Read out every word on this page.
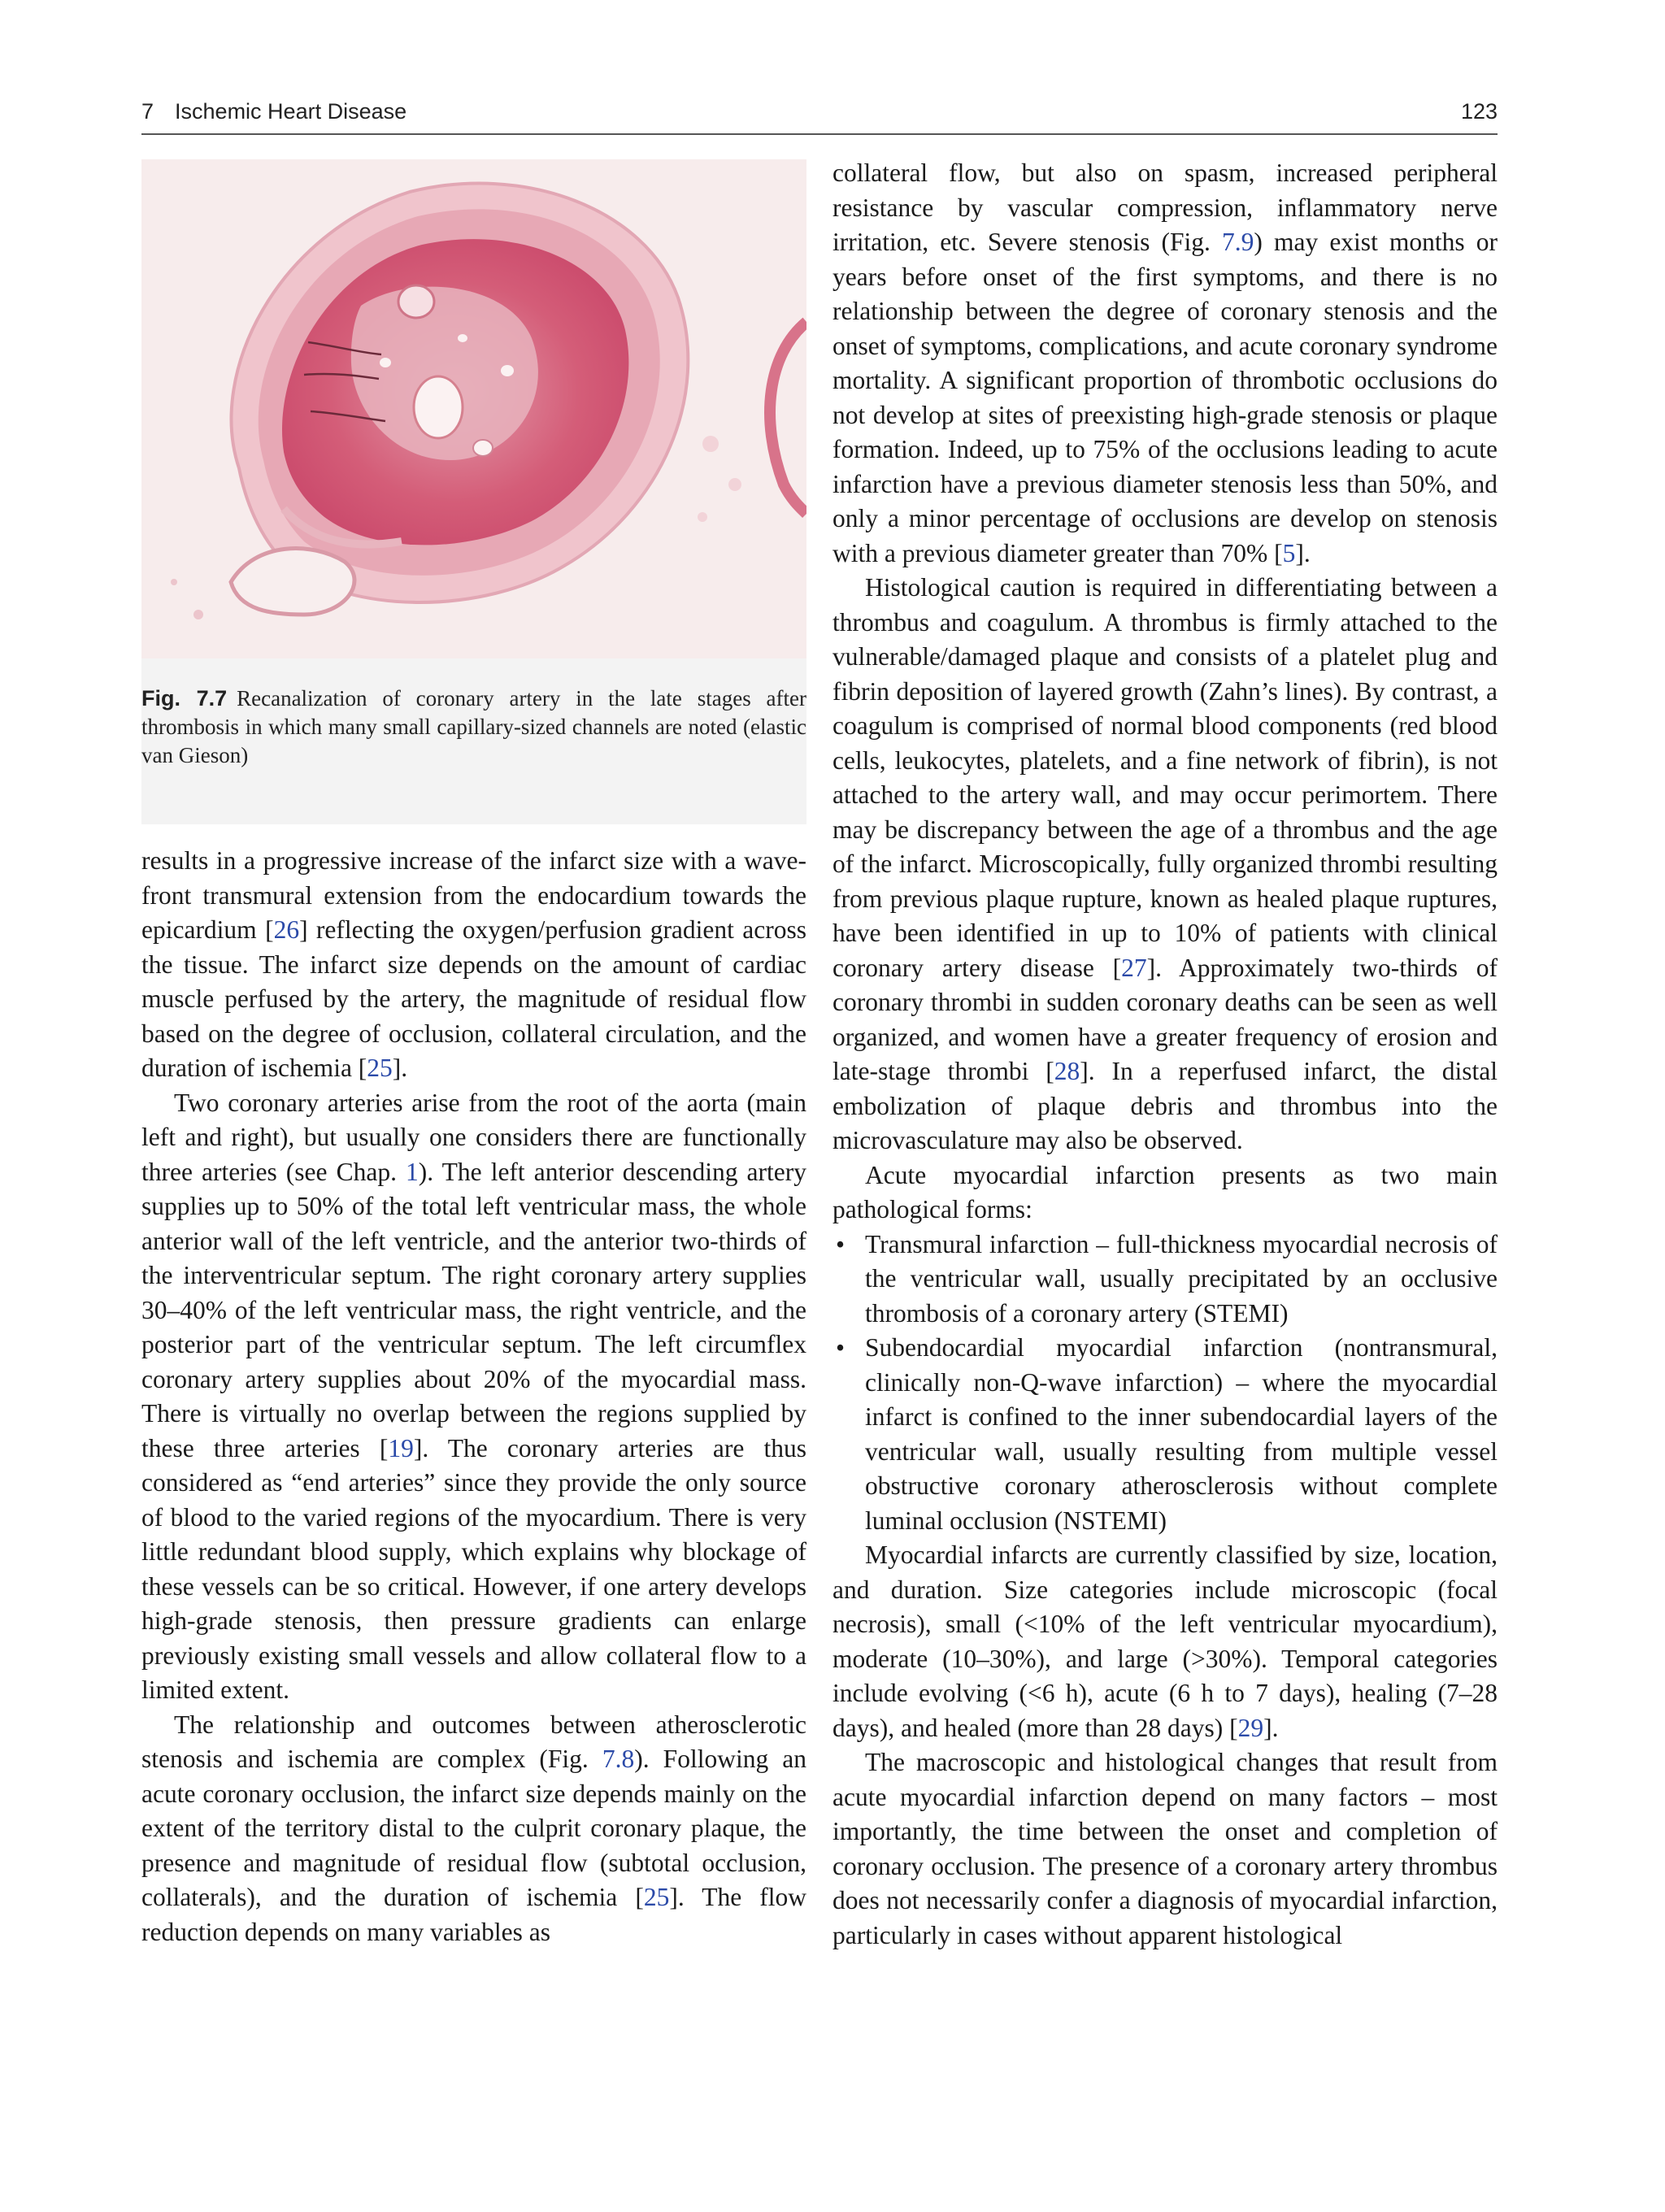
7 Ischemic Heart Disease	123
Fig. 7.7 Recanalization of coronary artery in the late stages after thrombosis in which many small capillary-sized channels are noted (elastic van Gieson)

results in a progressive increase of the infarct size with a wave-front transmural extension from the endocardium towards the epicardium [26] reflecting the oxygen/perfusion gradient across the tissue. The infarct size depends on the amount of cardiac muscle perfused by the artery, the magnitude of residual flow based on the degree of occlusion, collateral circulation, and the duration of ischemia [25].

Two coronary arteries arise from the root of the aorta (main left and right), but usually one considers there are functionally three arteries (see Chap. 1). The left anterior descending artery supplies up to 50% of the total left ventricular mass, the whole anterior wall of the left ventricle, and the anterior two-thirds of the interventricular septum. The right coronary artery supplies 30–40% of the left ventricular mass, the right ventricle, and the posterior part of the ventricular septum. The left circumflex coronary artery supplies about 20% of the myocardial mass. There is virtually no overlap between the regions supplied by these three arteries [19]. The coronary arteries are thus considered as “end arteries” since they provide the only source of blood to the varied regions of the myocardium. There is very little redundant blood supply, which explains why blockage of these vessels can be so critical. However, if one artery develops high-grade stenosis, then pressure gradients can enlarge previously existing small vessels and allow collateral flow to a limited extent.

The relationship and outcomes between atherosclerotic stenosis and ischemia are complex (Fig. 7.8). Following an acute coronary occlusion, the infarct size depends mainly on the extent of the territory distal to the culprit coronary plaque, the presence and magnitude of residual flow (subtotal occlusion, collaterals), and the duration of ischemia [25]. The flow reduction depends on many variables as

collateral flow, but also on spasm, increased peripheral resistance by vascular compression, inflammatory nerve irritation, etc. Severe stenosis (Fig. 7.9) may exist months or years before onset of the first symptoms, and there is no relationship between the degree of coronary stenosis and the onset of symptoms, complications, and acute coronary syndrome mortality. A significant proportion of thrombotic occlusions do not develop at sites of preexisting high-grade stenosis or plaque formation. Indeed, up to 75% of the occlusions leading to acute infarction have a previous diameter stenosis less than 50%, and only a minor percentage of occlusions are develop on stenosis with a previous diameter greater than 70% [5].

Histological caution is required in differentiating between a thrombus and coagulum. A thrombus is firmly attached to the vulnerable/damaged plaque and consists of a platelet plug and fibrin deposition of layered growth (Zahn’s lines). By contrast, a coagulum is comprised of normal blood components (red blood cells, leukocytes, platelets, and a fine network of fibrin), is not attached to the artery wall, and may occur perimortem. There may be discrepancy between the age of a thrombus and the age of the infarct. Microscopically, fully organized thrombi resulting from previous plaque rupture, known as healed plaque ruptures, have been identified in up to 10% of patients with clinical coronary artery disease [27]. Approximately two-thirds of coronary thrombi in sudden coronary deaths can be seen as well organized, and women have a greater frequency of erosion and late-stage thrombi [28]. In a reperfused infarct, the distal embolization of plaque debris and thrombus into the microvasculature may also be observed.

Acute myocardial infarction presents as two main pathological forms:

• Transmural infarction – full-thickness myocardial necrosis of the ventricular wall, usually precipitated by an occlusive thrombosis of a coronary artery (STEMI)
• Subendocardial myocardial infarction (nontransmural, clinically non-Q-wave infarction) – where the myocardial infarct is confined to the inner subendocardial layers of the ventricular wall, usually resulting from multiple vessel obstructive coronary atherosclerosis without complete luminal occlusion (NSTEMI)

Myocardial infarcts are currently classified by size, location, and duration. Size categories include microscopic (focal necrosis), small (<10% of the left ventricular myocardium), moderate (10–30%), and large (>30%). Temporal categories include evolving (<6 h), acute (6 h to 7 days), healing (7–28 days), and healed (more than 28 days) [29].

The macroscopic and histological changes that result from acute myocardial infarction depend on many factors – most importantly, the time between the onset and completion of coronary occlusion. The presence of a coronary artery thrombus does not necessarily confer a diagnosis of myocardial infarction, particularly in cases without apparent histological
